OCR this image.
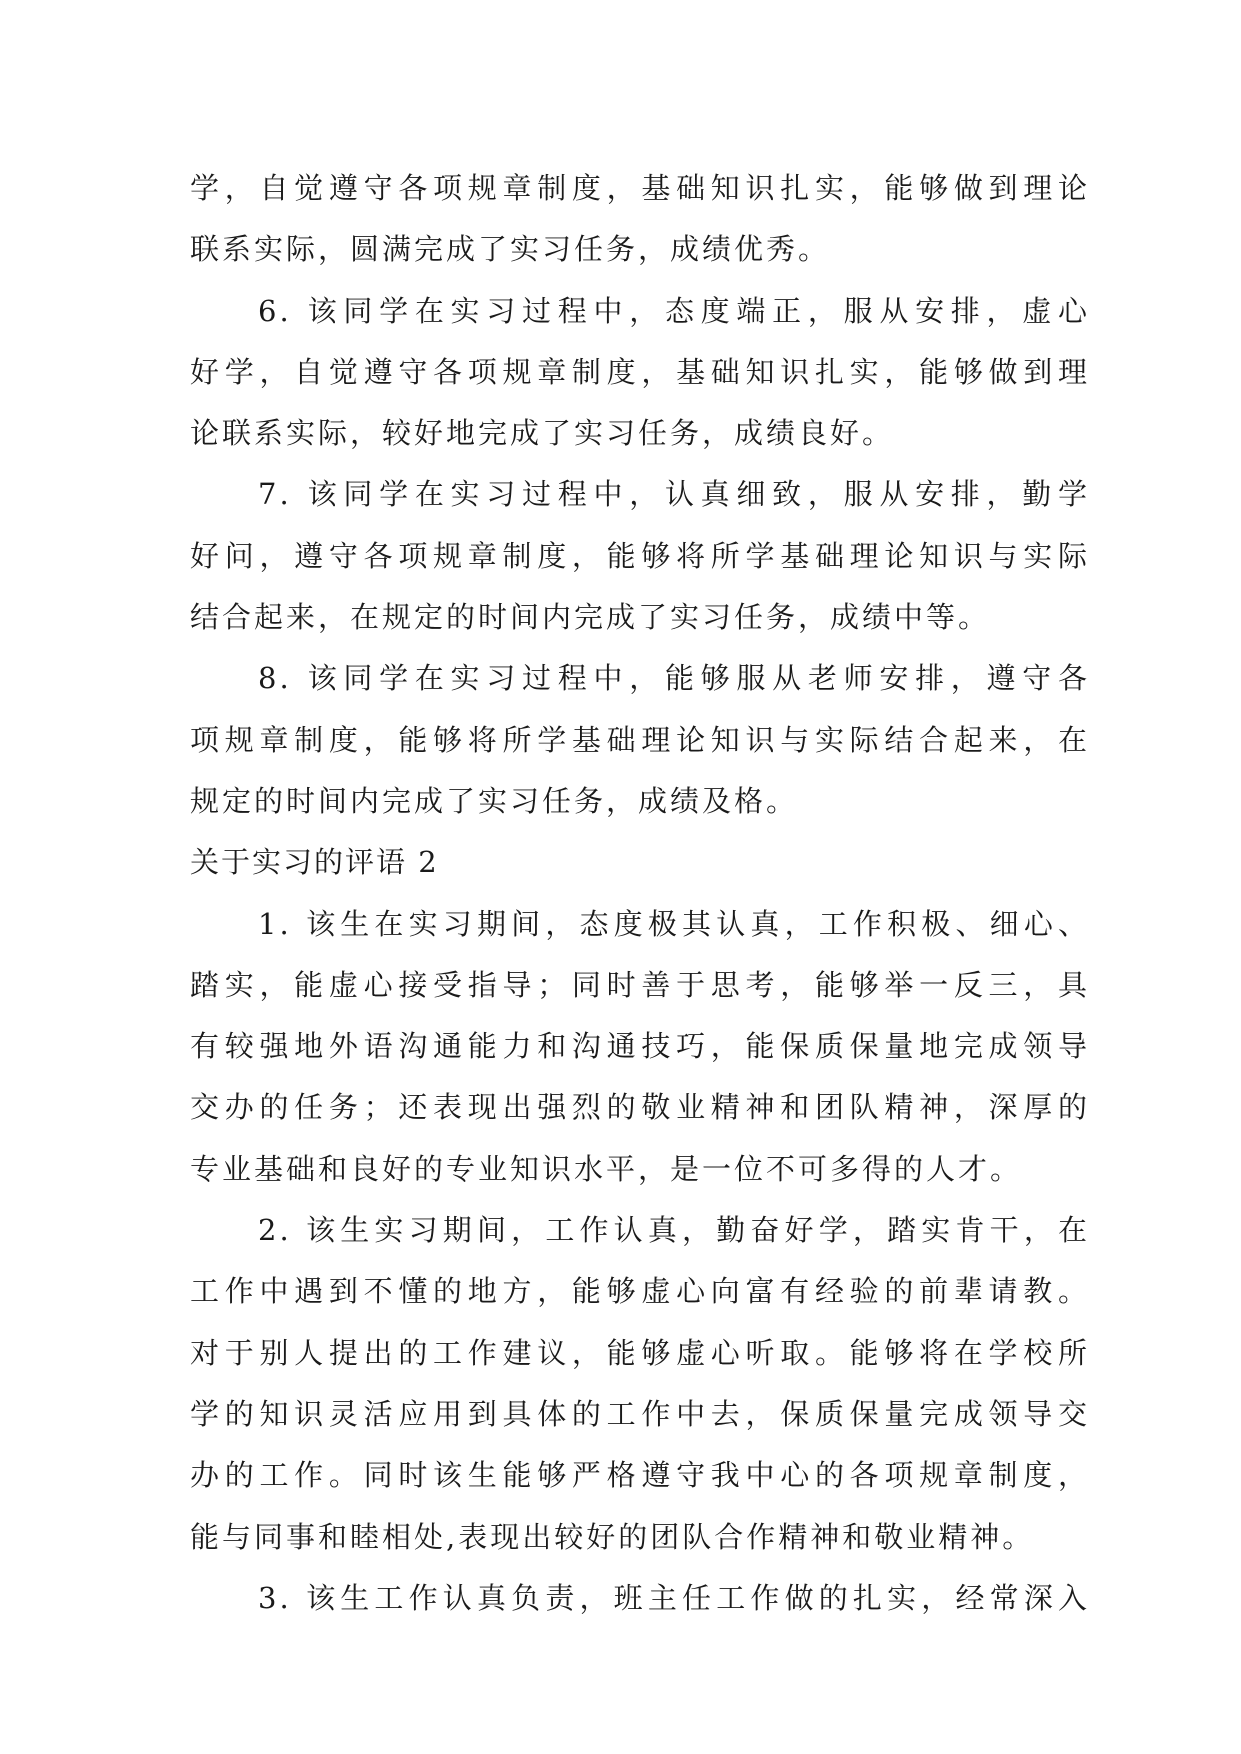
学，自觉遵守各项规章制度，基础知识扎实，能够做到理论
联系实际，圆满完成了实习任务，成绩优秀。
6. 该同学在实习过程中，态度端正，服从安排，虚心
好学，自觉遵守各项规章制度，基础知识扎实，能够做到理
论联系实际，较好地完成了实习任务，成绩良好。
7. 该同学在实习过程中，认真细致，服从安排，勤学
好问，遵守各项规章制度，能够将所学基础理论知识与实际
结合起来，在规定的时间内完成了实习任务，成绩中等。
8. 该同学在实习过程中，能够服从老师安排，遵守各
项规章制度，能够将所学基础理论知识与实际结合起来，在
规定的时间内完成了实习任务，成绩及格。
关于实习的评语 2
1. 该生在实习期间，态度极其认真，工作积极、细心、
踏实，能虚心接受指导；同时善于思考，能够举一反三，具
有较强地外语沟通能力和沟通技巧，能保质保量地完成领导
交办的任务；还表现出强烈的敬业精神和团队精神，深厚的
专业基础和良好的专业知识水平，是一位不可多得的人才。
2. 该生实习期间，工作认真，勤奋好学，踏实肯干，在
工作中遇到不懂的地方，能够虚心向富有经验的前辈请教。
对于别人提出的工作建议，能够虚心听取。能够将在学校所
学的知识灵活应用到具体的工作中去，保质保量完成领导交
办的工作。同时该生能够严格遵守我中心的各项规章制度，
能与同事和睦相处,表现出较好的团队合作精神和敬业精神。
3. 该生工作认真负责，班主任工作做的扎实，经常深入
